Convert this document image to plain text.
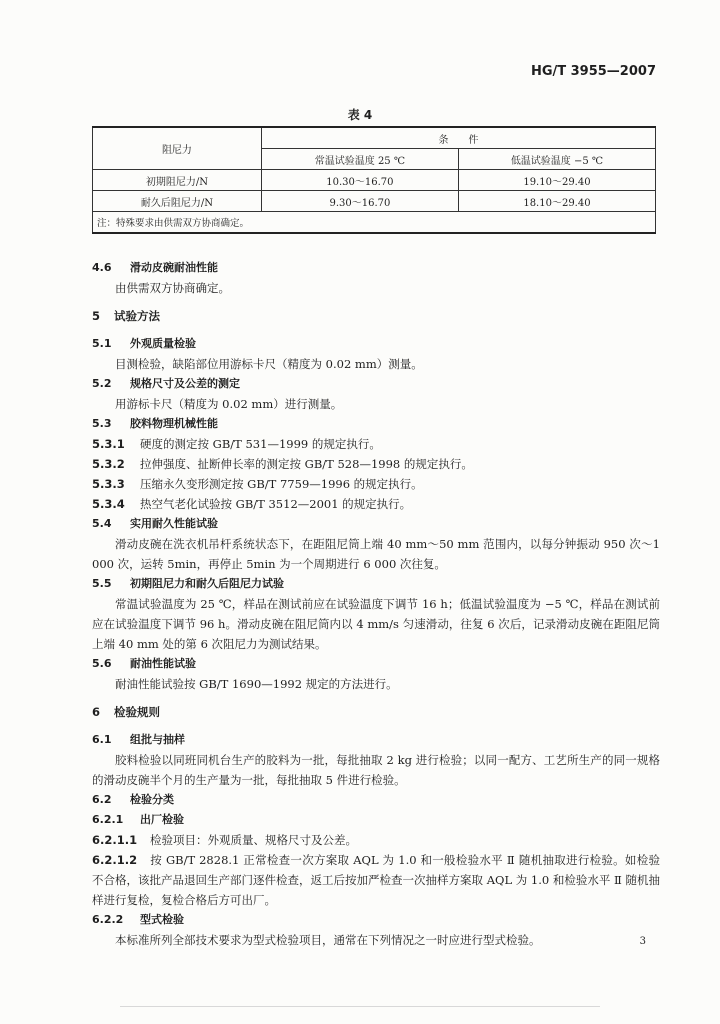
HG/T 3955—2007
表 4
阻尼力	条　　件	
	常温试验温度 25 ℃	低温试验温度 −5 ℃
初期阻尼力/N	10.30～16.70	19.10～29.40
耐久后阻尼力/N	9.30～16.70	18.10～29.40
注：特殊要求由供需双方协商确定。		
4.6 滑动皮碗耐油性能
由供需双方协商确定。
5 试验方法
5.1 外观质量检验
目测检验，缺陷部位用游标卡尺（精度为 0.02 mm）测量。
5.2 规格尺寸及公差的测定
用游标卡尺（精度为 0.02 mm）进行测量。
5.3 胶料物理机械性能
5.3.1 硬度的测定按 GB/T 531—1999 的规定执行。
5.3.2 拉伸强度、扯断伸长率的测定按 GB/T 528—1998 的规定执行。
5.3.3 压缩永久变形测定按 GB/T 7759—1996 的规定执行。
5.3.4 热空气老化试验按 GB/T 3512—2001 的规定执行。
5.4 实用耐久性能试验
滑动皮碗在洗衣机吊杆系统状态下，在距阻尼筒上端 40 mm～50 mm 范围内，以每分钟振动 950 次～1 000 次，运转 5min，再停止 5min 为一个周期进行 6 000 次往复。
5.5 初期阻尼力和耐久后阻尼力试验
常温试验温度为 25 ℃，样品在测试前应在试验温度下调节 16 h；低温试验温度为 −5 ℃，样品在测试前应在试验温度下调节 96 h。滑动皮碗在阻尼筒内以 4 mm/s 匀速滑动，往复 6 次后，记录滑动皮碗在距阻尼筒上端 40 mm 处的第 6 次阻尼力为测试结果。
5.6 耐油性能试验
耐油性能试验按 GB/T 1690—1992 规定的方法进行。
6 检验规则
6.1 组批与抽样
胶料检验以同班同机台生产的胶料为一批，每批抽取 2 kg 进行检验；以同一配方、工艺所生产的同一规格的滑动皮碗半个月的生产量为一批，每批抽取 5 件进行检验。
6.2 检验分类
6.2.1 出厂检验
6.2.1.1 检验项目：外观质量、规格尺寸及公差。
6.2.1.2 按 GB/T 2828.1 正常检查一次方案取 AQL 为 1.0 和一般检验水平 Ⅱ 随机抽取进行检验。如检验不合格，该批产品退回生产部门逐件检查，返工后按加严检查一次抽样方案取 AQL 为 1.0 和检验水平 Ⅱ 随机抽样进行复检，复检合格后方可出厂。
6.2.2 型式检验
本标准所列全部技术要求为型式检验项目，通常在下列情况之一时应进行型式检验。	3
